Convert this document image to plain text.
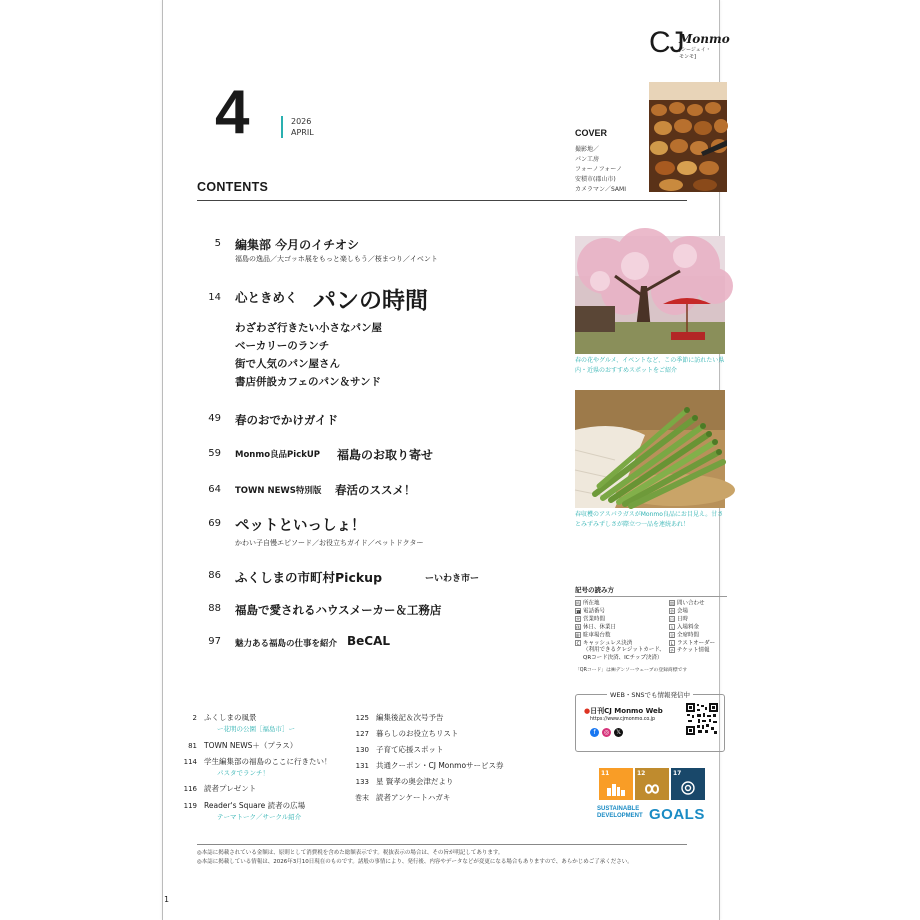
CJ
Monmo
[シージェイ・モンモ]
4	2026
APRIL	COVER
撮影地／
パン工房
フォーノフォーノ
安積市(郡山市)
カメラマン／SAMI
CONTENTS
5 編集部 今月のイチオシ
福島の逸品／大ゴッホ展をもっと楽しもう／桜まつり／イベント
14 心ときめく パンの時間
わざわざ行きたい小さなパン屋
ベーカリーのランチ
街で人気のパン屋さん
書店併設カフェのパン＆サンド
49 春のおでかけガイド
59 Monmo良品PickUP 福島のお取り寄せ
64 TOWN NEWS特別版 春活のススメ！
69 ペットといっしょ！
かわい子自慢エピソード／お役立ちガイド／ペットドクター
86 ふくしまの市町村Pickup	ーいわき市ー
88 福島で愛されるハウスメーカー＆工務店
97 魅力ある福島の仕事を紹介 BeCAL
春の花やグルメ、イベントなど、この季節に訪れたい県内・近県のおすすめスポットをご紹介
春収穫のアスパラガスがMonmo良品にお目見え。甘さとみずみずしさが際立つ一品を連続あれ！
記号の読み方
所 所在地
☎ 電話番号
営 営業時間
休 休日、休業日
駐 駐車場台数
C キャッシュレス決済
（利用できるクレジットカード、
QRコード決済、ICチップ決済）
問 問い合わせ
会 会場
日 日時
入 入場料金
全 全席時間
L ラストオーダー
チ チケット情報
「QRコード」は㈱デンソーウェーブの登録商標です
WEB・SNSでも情報発信中
●日刊CJ Monmo Web
https://www.cjmonmo.co.jp
f	◎	𝕏
11	12	17
SUSTAINABLE
DEVELOPMENT GOALS
2 ふくしまの風景
ー花明の公園［福島市］ー
81 TOWN NEWS＋（プラス）
114 学生編集部の福島のここに行きたい！
パスタでランチ！
116 読者プレゼント
119 Reader's Square 読者の広場
テーマトーク／サークル紹介
125 編集後記＆次号予告
127 暮らしのお役立ちリスト
130 子育て応援スポット
131 共通クーポン・CJ Monmoサービス券
133 星 賢孝の奥会津だより
巻末 読者アンケートハガキ
◎本誌に掲載されている金額は、原則として消費税を含めた総額表示です。税抜表示の場合は、その旨が明記してあります。
◎本誌に掲載している情報は、2026年3月10日現在のものです。諸般の事情により、発行後、内容やデータなどが変更になる場合もありますので、あらかじめご了承ください。
1
